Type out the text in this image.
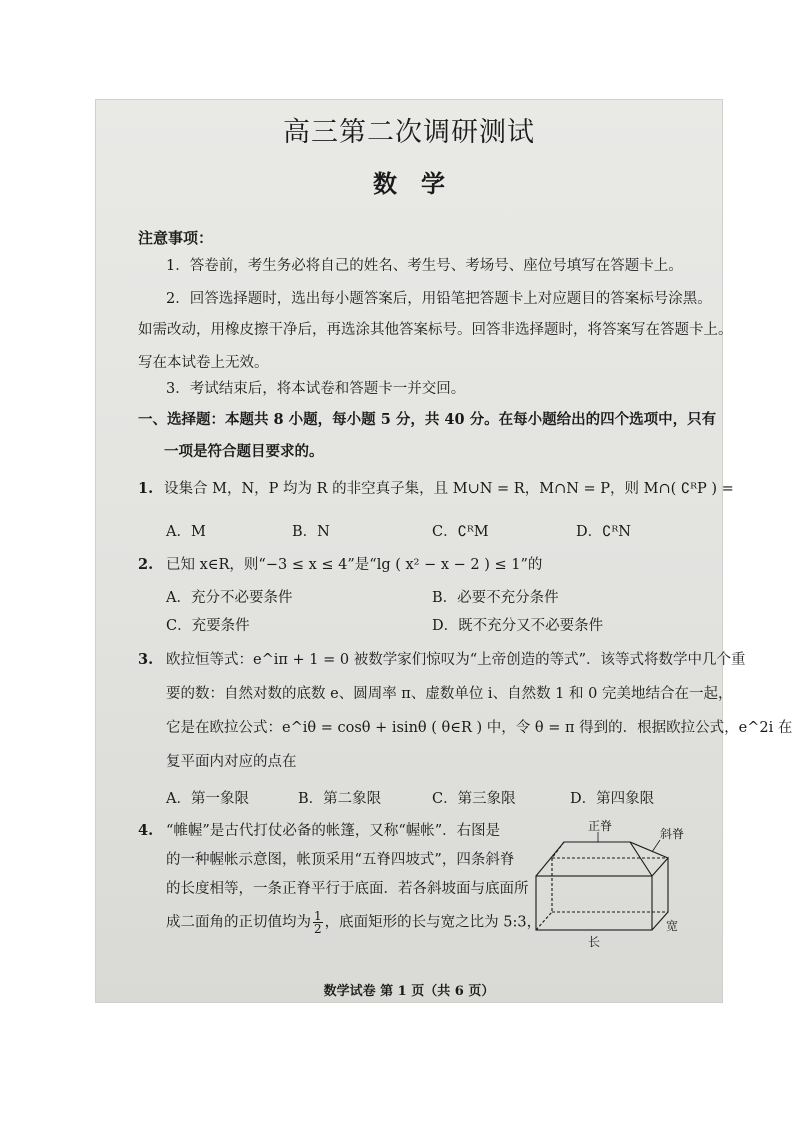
高三第二次调研测试
数学
注意事项：
1．答卷前，考生务必将自己的姓名、考生号、考场号、座位号填写在答题卡上。
2．回答选择题时，选出每小题答案后，用铅笔把答题卡上对应题目的答案标号涂黑。
如需改动，用橡皮擦干净后，再选涂其他答案标号。回答非选择题时，将答案写在答题卡上。
写在本试卷上无效。
3．考试结束后，将本试卷和答题卡一并交回。
一、选择题：本题共 8 小题，每小题 5 分，共 40 分。在每小题给出的四个选项中，只有
一项是符合题目要求的。
1. 设集合 M，N，P 均为 R 的非空真子集，且 M∪N = R，M∩N = P，则 M∩( ∁ᴿP ) =
A．M	B．N	C．∁ᴿM	D．∁ᴿN
2. 已知 x∈R，则“−3 ≤ x ≤ 4”是“lg ( x² − x − 2 ) ≤ 1”的
A．充分不必要条件	B．必要不充分条件
C．充要条件	D．既不充分又不必要条件
3. 欧拉恒等式：e^iπ + 1 = 0 被数学家们惊叹为“上帝创造的等式”．该等式将数学中几个重
要的数：自然对数的底数 e、圆周率 π、虚数单位 i、自然数 1 和 0 完美地结合在一起，
它是在欧拉公式：e^iθ = cosθ + isinθ ( θ∈R ) 中，令 θ = π 得到的．根据欧拉公式，e^2i 在
复平面内对应的点在
A．第一象限	B．第二象限	C．第三象限	D．第四象限
4. “帷幄”是古代打仗必备的帐篷，又称“幄帐”．右图是
的一种幄帐示意图，帐顶采用“五脊四坡式”，四条斜脊
的长度相等，一条正脊平行于底面．若各斜坡面与底面所
成二面角的正切值均为 $\frac{1}{2}$ ，底面矩形的长与宽之比为 5:3，
正脊
斜脊
长
宽
数学试卷 第 1 页（共 6 页）
